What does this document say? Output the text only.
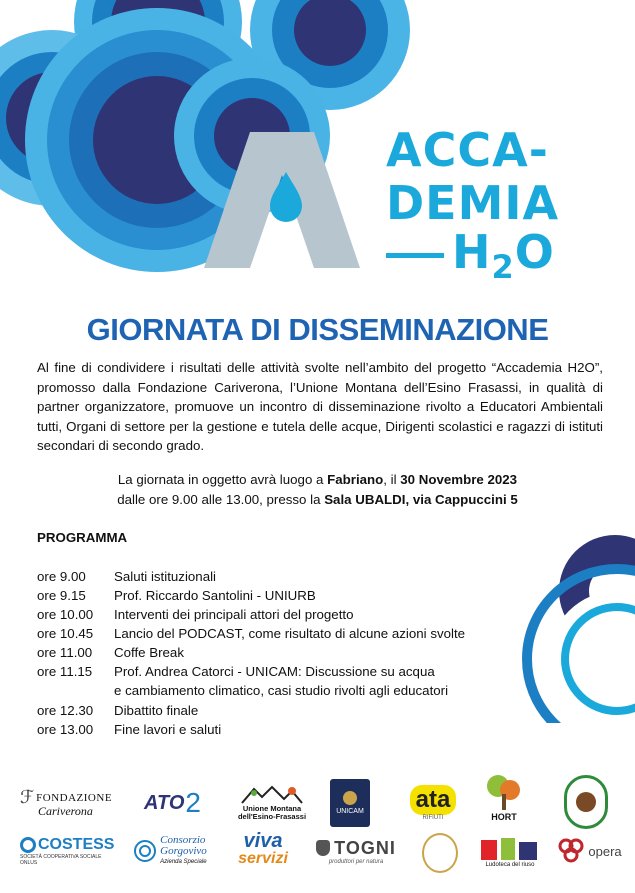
ACCA-
DEMIA
$H_2O$
GIORNATA DI DISSEMINAZIONE
Al fine di condividere i risultati delle attività svolte nell’ambito del progetto “Accademia H2O”, promosso dalla Fondazione Cariverona, l’Unione Montana dell’Esino Frasassi, in qualità di partner organizzatore, promuove un incontro di disseminazione rivolto a Educatori Ambientali tutti, Organi di settore per la gestione e tutela delle acque, Dirigenti scolastici e ragazzi di istituti secondari di secondo grado.
La giornata in oggetto avrà luogo a Fabriano, il 30 Novembre 2023
dalle ore 9.00 alle 13.00, presso la Sala UBALDI, via Cappuccini 5
PROGRAMMA
ore 9.00 Saluti istituzionali
ore 9.15 Prof. Riccardo Santolini - UNIURB
ore 10.00 Interventi dei principali attori del progetto
ore 10.45 Lancio del PODCAST, come risultato di alcune azioni svolte
ore 11.00 Coffe Break
ore 11.15 Prof. Andrea Catorci - UNICAM: Discussione su acqua
e cambiamento climatico, casi studio rivolti agli educatori
ore 12.30 Dibattito finale
ore 13.00 Fine lavori e saluti
ℱ FONDAZIONE
Cariverona	ATO 2	Unione Montana
dell'Esino-Frasassi
UNICAM ata
RIFIUTI	HORT
COSTESS
SOCIETÀ COOPERATIVA SOCIALE ONLUS
Consorzio
Gorgovivo
Azienda Speciale
viva
servizi
TOGNI
produttori per natura
Ludoteca del riuso
opera
